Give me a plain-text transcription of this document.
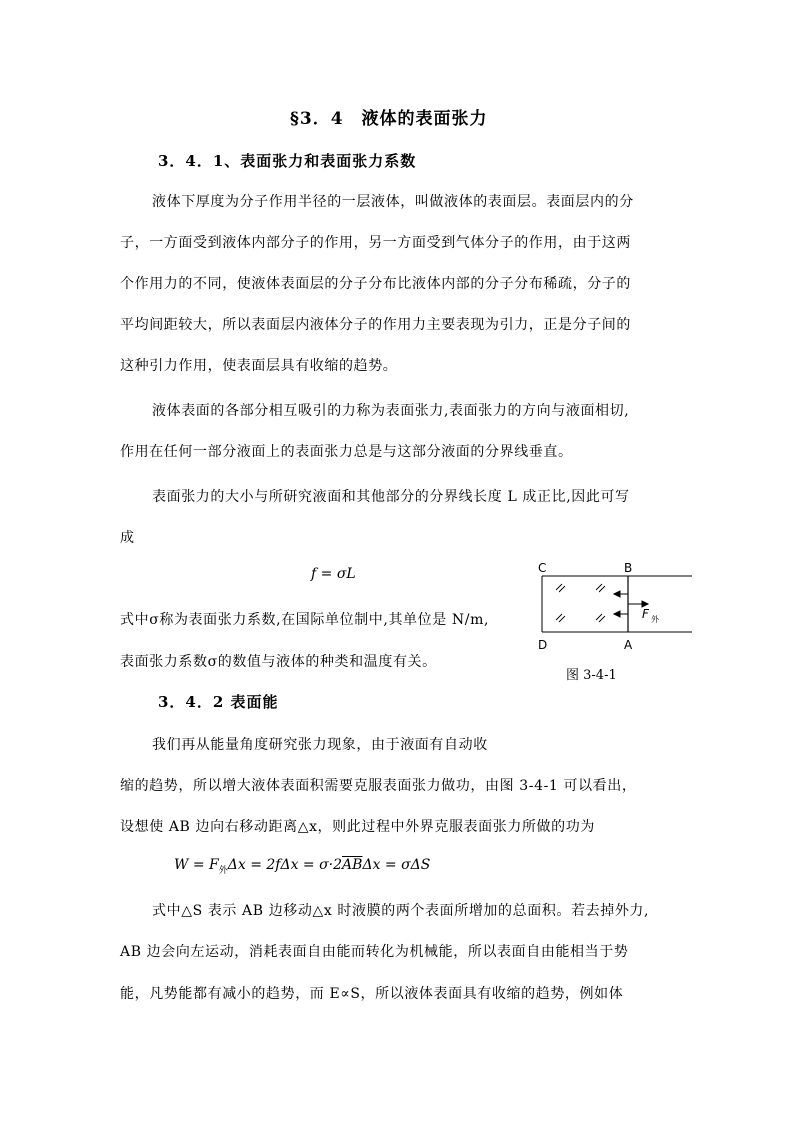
§3．4　液体的表面张力
3．4．1、表面张力和表面张力系数
液体下厚度为分子作用半径的一层液体，叫做液体的表面层。表面层内的分
子，一方面受到液体内部分子的作用，另一方面受到气体分子的作用，由于这两
个作用力的不同，使液体表面层的分子分布比液体内部的分子分布稀疏，分子的
平均间距较大，所以表面层内液体分子的作用力主要表现为引力，正是分子间的
这种引力作用，使表面层具有收缩的趋势。
液体表面的各部分相互吸引的力称为表面张力,表面张力的方向与液面相切,
作用在任何一部分液面上的表面张力总是与这部分液面的分界线垂直。
表面张力的大小与所研究液面和其他部分的分界线长度 L 成正比,因此可写
成
f = σL
式中σ称为表面张力系数,在国际单位制中,其单位是 N/m,
表面张力系数σ的数值与液体的种类和温度有关。
C	B
D	A
F 外
图 3-4-1
3．4．2 表面能
我们再从能量角度研究张力现象，由于液面有自动收
缩的趋势，所以增大液体表面积需要克服表面张力做功，由图 3-4-1 可以看出，
设想使 AB 边向右移动距离△x，则此过程中外界克服表面张力所做的功为
$W = F_外\Delta x = 2f\Delta x = \sigma\cdot 2\overline{AB}\Delta x = \sigma\Delta S$
式中△S 表示 AB 边移动△x 时液膜的两个表面所增加的总面积。若去掉外力,
AB 边会向左运动，消耗表面自由能而转化为机械能，所以表面自由能相当于势
能，凡势能都有减小的趋势，而 E∝S，所以液体表面具有收缩的趋势，例如体
